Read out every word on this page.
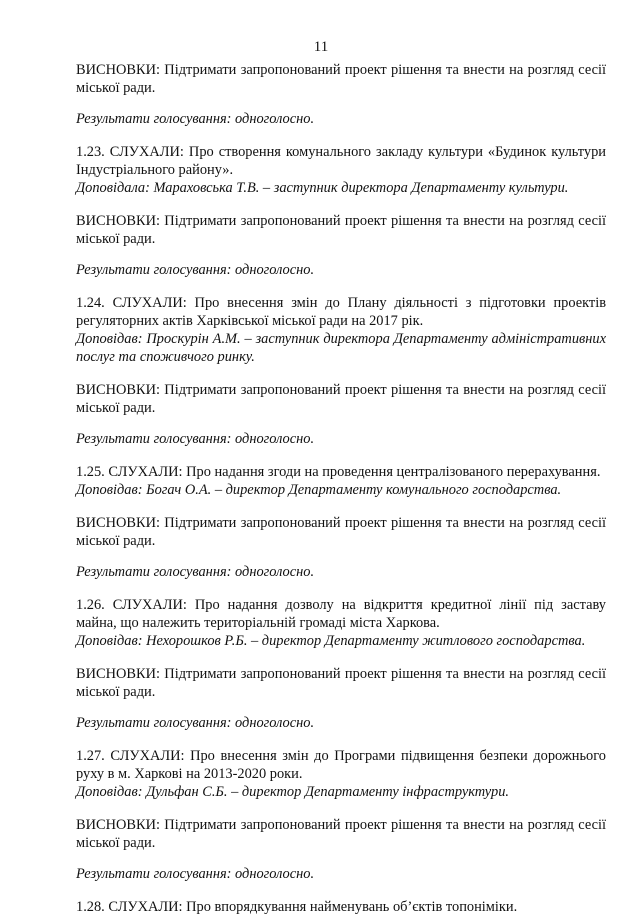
11

ВИСНОВКИ: Підтримати запропонований проект рішення та внести на розгляд сесії міської ради.

Результати голосування: одноголосно.

1.23. СЛУХАЛИ: Про створення комунального закладу культури «Будинок культури Індустріального району».

Доповідала: Мараховська Т.В. – заступник директора Департаменту культури.

ВИСНОВКИ: Підтримати запропонований проект рішення та внести на розгляд сесії міської ради.

Результати голосування: одноголосно.

1.24. СЛУХАЛИ: Про внесення змін до Плану діяльності з підготовки проектів регуляторних актів Харківської міської ради на 2017 рік.

Доповідав: Проскурін А.М. – заступник директора Департаменту адміністративних послуг та споживчого ринку.

ВИСНОВКИ: Підтримати запропонований проект рішення та внести на розгляд сесії міської ради.

Результати голосування: одноголосно.

1.25. СЛУХАЛИ: Про надання згоди на проведення централізованого перерахування.

Доповідав: Богач О.А. – директор Департаменту комунального господарства.

ВИСНОВКИ: Підтримати запропонований проект рішення та внести на розгляд сесії міської ради.

Результати голосування: одноголосно.

1.26. СЛУХАЛИ: Про надання дозволу на відкриття кредитної лінії під заставу майна, що належить територіальній громаді міста Харкова.

Доповідав: Нехорошков Р.Б. – директор Департаменту житлового господарства.

ВИСНОВКИ: Підтримати запропонований проект рішення та внести на розгляд сесії міської ради.

Результати голосування: одноголосно.

1.27. СЛУХАЛИ: Про внесення змін до Програми підвищення безпеки дорожнього руху в м. Харкові на 2013-2020 роки.

Доповідав: Дульфан С.Б. – директор Департаменту інфраструктури.

ВИСНОВКИ: Підтримати запропонований проект рішення та внести на розгляд сесії міської ради.

Результати голосування: одноголосно.

1.28. СЛУХАЛИ: Про впорядкування найменувань об’єктів топоніміки.
